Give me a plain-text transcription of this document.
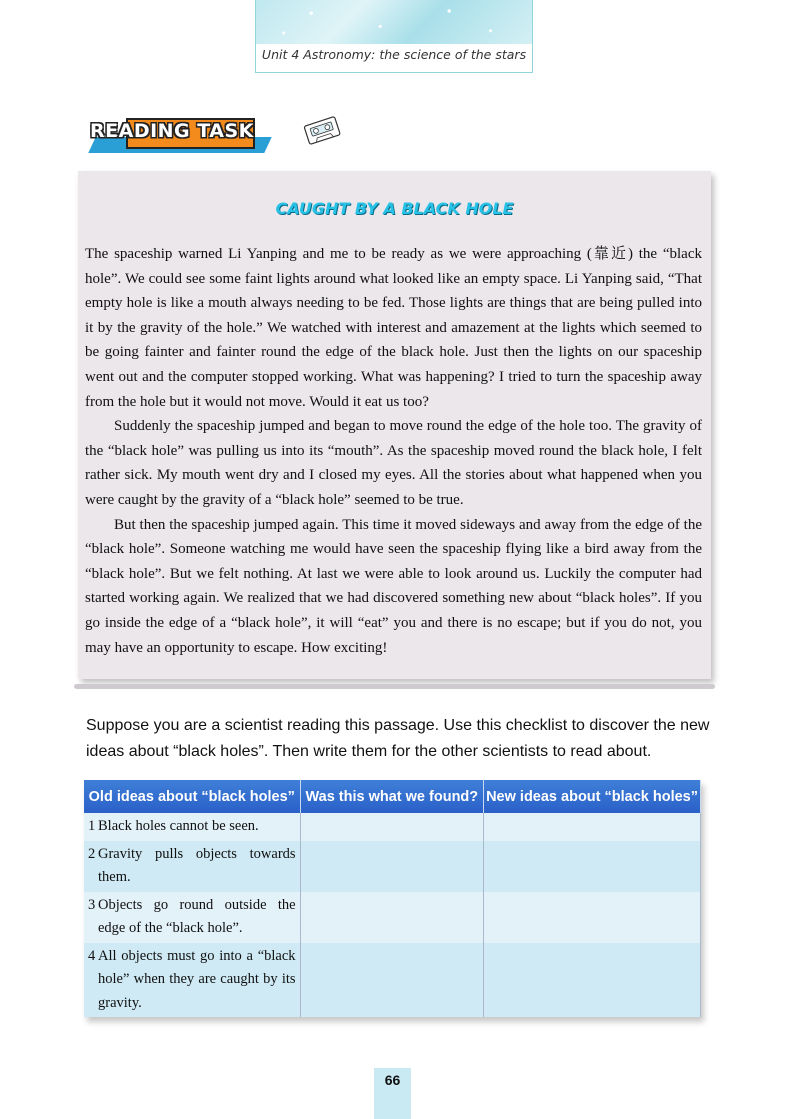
Unit 4 Astronomy: the science of the stars
READING TASK
CAUGHT BY A BLACK HOLE

The spaceship warned Li Yanping and me to be ready as we were approaching (靠近) the “black hole”. We could see some faint lights around what looked like an empty space. Li Yanping said, “That empty hole is like a mouth always needing to be fed. Those lights are things that are being pulled into it by the gravity of the hole.” We watched with interest and amazement at the lights which seemed to be going fainter and fainter round the edge of the black hole. Just then the lights on our spaceship went out and the computer stopped working. What was happening? I tried to turn the spaceship away from the hole but it would not move. Would it eat us too?

Suddenly the spaceship jumped and began to move round the edge of the hole too. The gravity of the “black hole” was pulling us into its “mouth”. As the spaceship moved round the black hole, I felt rather sick. My mouth went dry and I closed my eyes. All the stories about what happened when you were caught by the gravity of a “black hole” seemed to be true.

But then the spaceship jumped again. This time it moved sideways and away from the edge of the “black hole”. Someone watching me would have seen the spaceship flying like a bird away from the “black hole”. But we felt nothing. At last we were able to look around us. Luckily the computer had started working again. We realized that we had discovered something new about “black holes”. If you go inside the edge of a “black hole”, it will “eat” you and there is no escape; but if you do not, you may have an opportunity to escape. How exciting!

Suppose you are a scientist reading this passage. Use this checklist to discover the new ideas about “black holes”. Then write them for the other scientists to read about.
Old ideas about “black holes”	Was this what we found?	New ideas about “black holes”

1 Black holes cannot be seen.		

2 Gravity pulls objects towards them.		

3 Objects go round outside the edge of the “black hole”.		

4 All objects must go into a “black hole” when they are caught by its gravity.		

66
